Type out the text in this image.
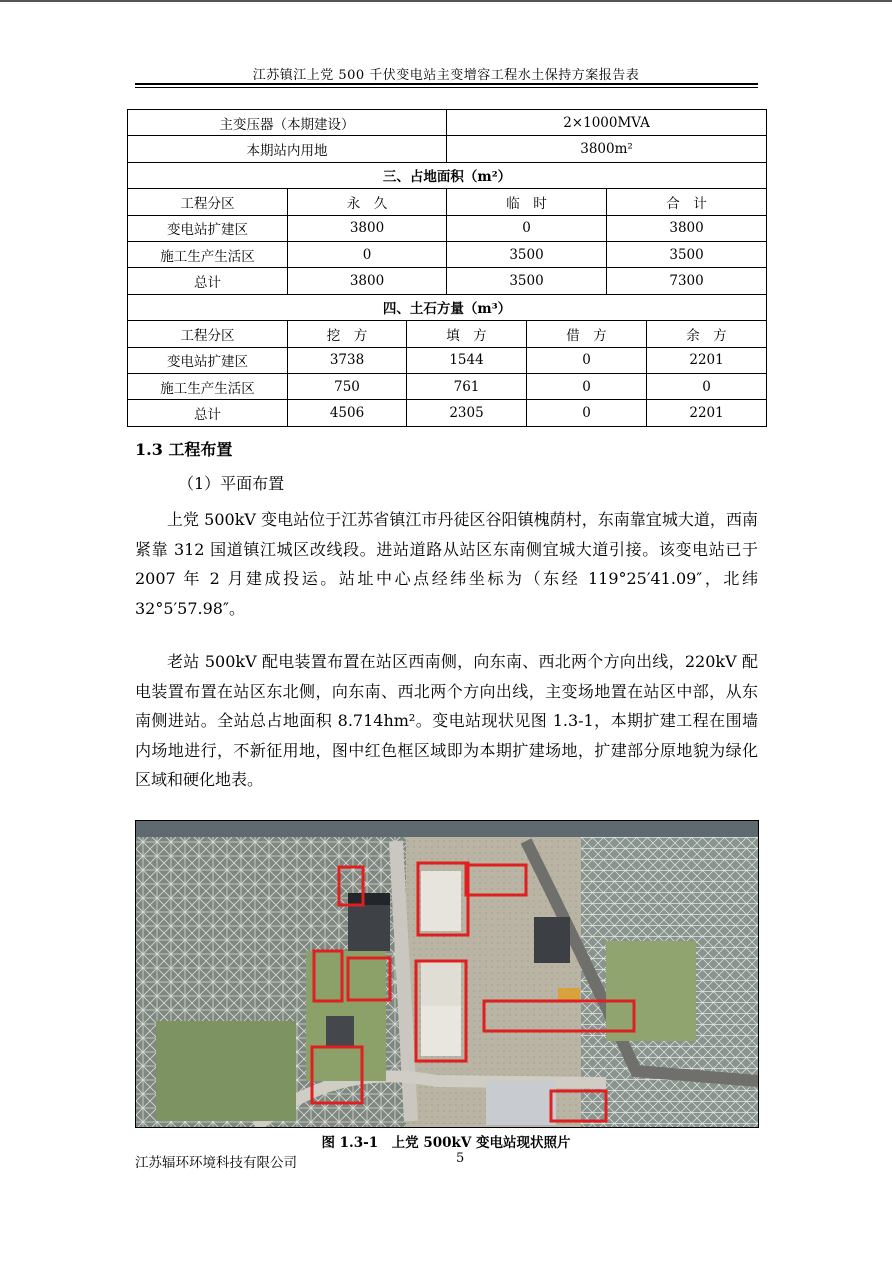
江苏镇江上党 500 千伏变电站主变增容工程水土保持方案报告表
主变压器（本期建设）			2×1000MVA			
本期站内用地			3800m²			
三、占地面积（m²）						
工程分区	永　久		临　时		合　计	
变电站扩建区	3800		0		3800	
施工生产生活区	0		3500		3500	
总计	3800		3500		7300	
四、土石方量（m³）						
工程分区	挖　方	填　方		借　方		余　方
变电站扩建区	3738	1544		0		2201
施工生产生活区	750	761		0		0
总计	4506	2305		0		2201
1.3 工程布置
（1）平面布置
上党 500kV 变电站位于江苏省镇江市丹徒区谷阳镇槐荫村，东南靠宜城大道，西南紧靠 312 国道镇江城区改线段。进站道路从站区东南侧宜城大道引接。该变电站已于 2007 年 2 月建成投运。站址中心点经纬坐标为（东经 119°25′41.09″，北纬 32°5′57.98″。
老站 500kV 配电装置布置在站区西南侧，向东南、西北两个方向出线，220kV 配电装置布置在站区东北侧，向东南、西北两个方向出线，主变场地置在站区中部，从东南侧进站。全站总占地面积 8.714hm²。变电站现状见图 1.3-1，本期扩建工程在围墙内场地进行，不新征用地，图中红色框区域即为本期扩建场地，扩建部分原地貌为绿化区域和硬化地表。
图 1.3-1　上党 500kV 变电站现状照片
江苏辐环环境科技有限公司	5
